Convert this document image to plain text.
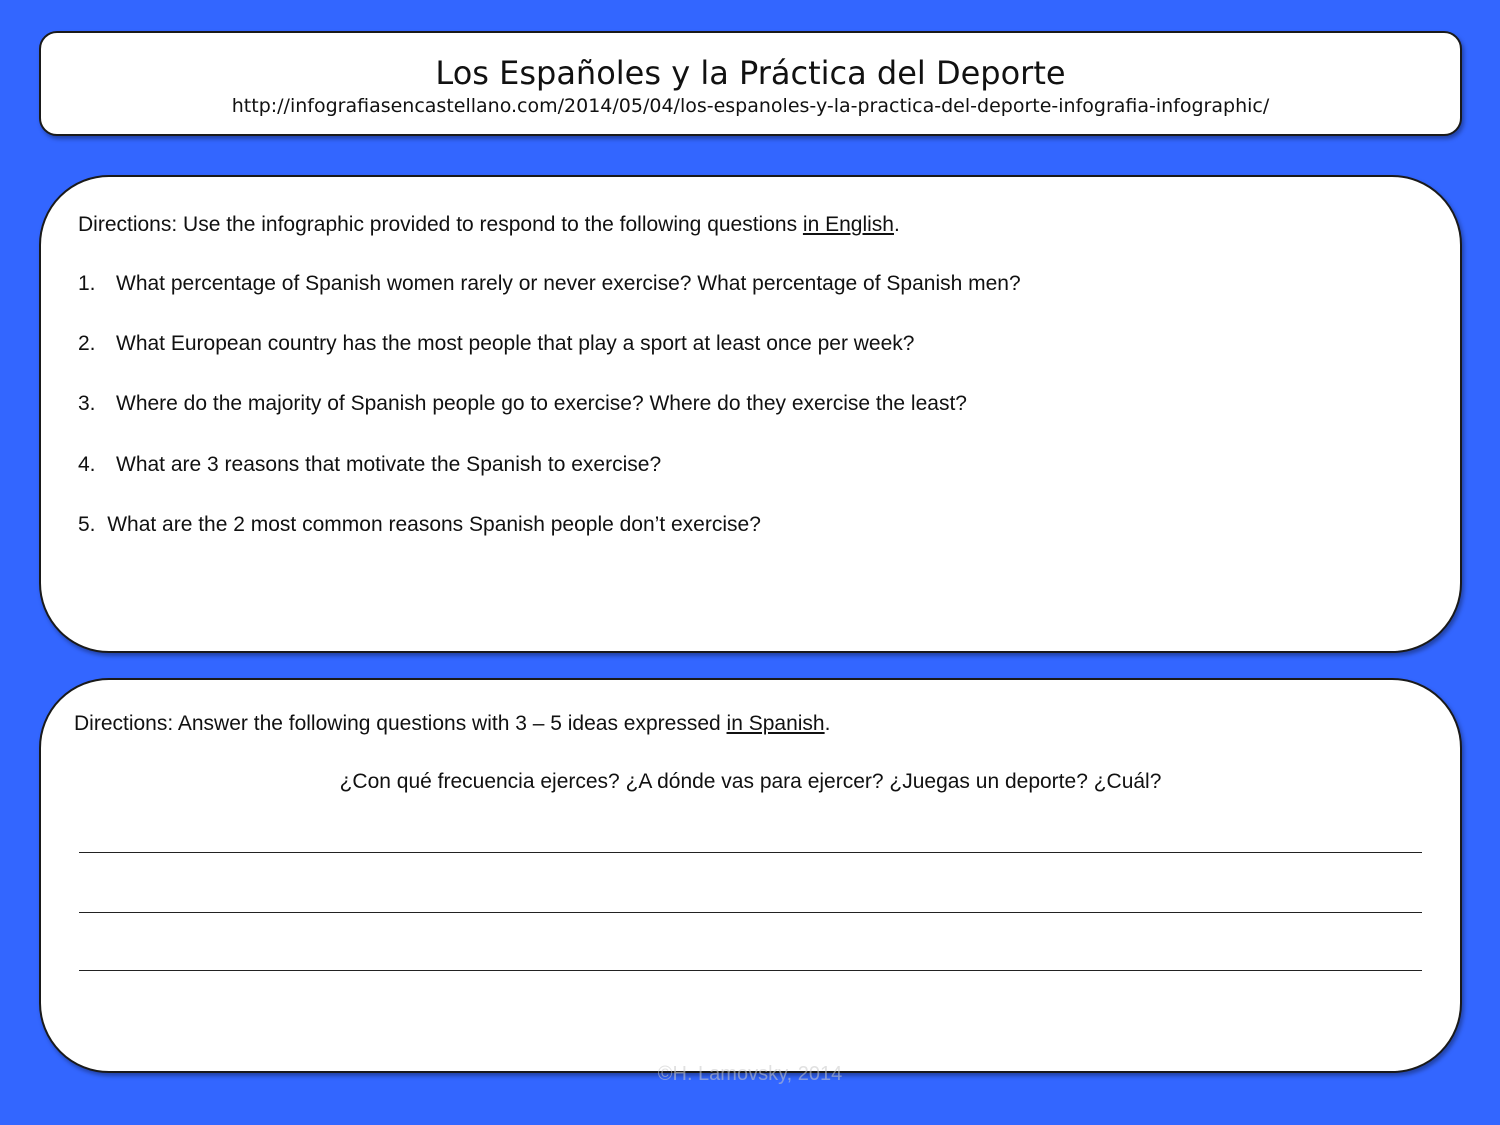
Los Españoles y la Práctica del Deporte
http://infografiasencastellano.com/2014/05/04/los-espanoles-y-la-practica-del-deporte-infografia-infographic/
Directions: Use the infographic provided to respond to the following questions in English.
1. What percentage of Spanish women rarely or never exercise? What percentage of Spanish men?
2. What European country has the most people that play a sport at least once per week?
3. Where do the majority of Spanish people go to exercise? Where do they exercise the least?
4. What are 3 reasons that motivate the Spanish to exercise?
5. What are the 2 most common reasons Spanish people don’t exercise?
Directions: Answer the following questions with 3 – 5 ideas expressed in Spanish.
¿Con qué frecuencia ejerces? ¿A dónde vas para ejercer? ¿Juegas un deporte? ¿Cuál?
©H. Lamovsky, 2014
